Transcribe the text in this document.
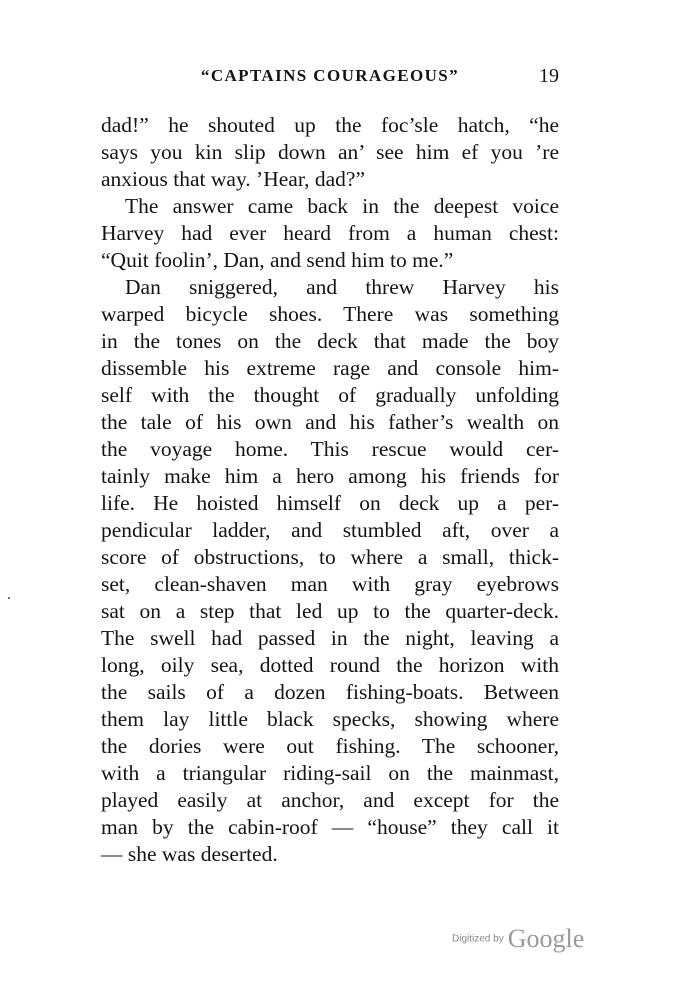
“CAPTAINS COURAGEOUS”	19
dad!” he shouted up the foc’sle hatch, “he
says you kin slip down an’ see him ef you ’re
anxious that way. ’Hear, dad?”
The answer came back in the deepest voice
Harvey had ever heard from a human chest:
“Quit foolin’, Dan, and send him to me.”
Dan sniggered, and threw Harvey his
warped bicycle shoes. There was something
in the tones on the deck that made the boy
dissemble his extreme rage and console him-
self with the thought of gradually unfolding
the tale of his own and his father’s wealth on
the voyage home. This rescue would cer-
tainly make him a hero among his friends for
life. He hoisted himself on deck up a per-
pendicular ladder, and stumbled aft, over a
score of obstructions, to where a small, thick-
set, clean-shaven man with gray eyebrows
sat on a step that led up to the quarter-deck.
The swell had passed in the night, leaving a
long, oily sea, dotted round the horizon with
the sails of a dozen fishing-boats. Between
them lay little black specks, showing where
the dories were out fishing. The schooner,
with a triangular riding-sail on the mainmast,
played easily at anchor, and except for the
man by the cabin-roof — “house” they call it
— she was deserted.
Digitized by Google
